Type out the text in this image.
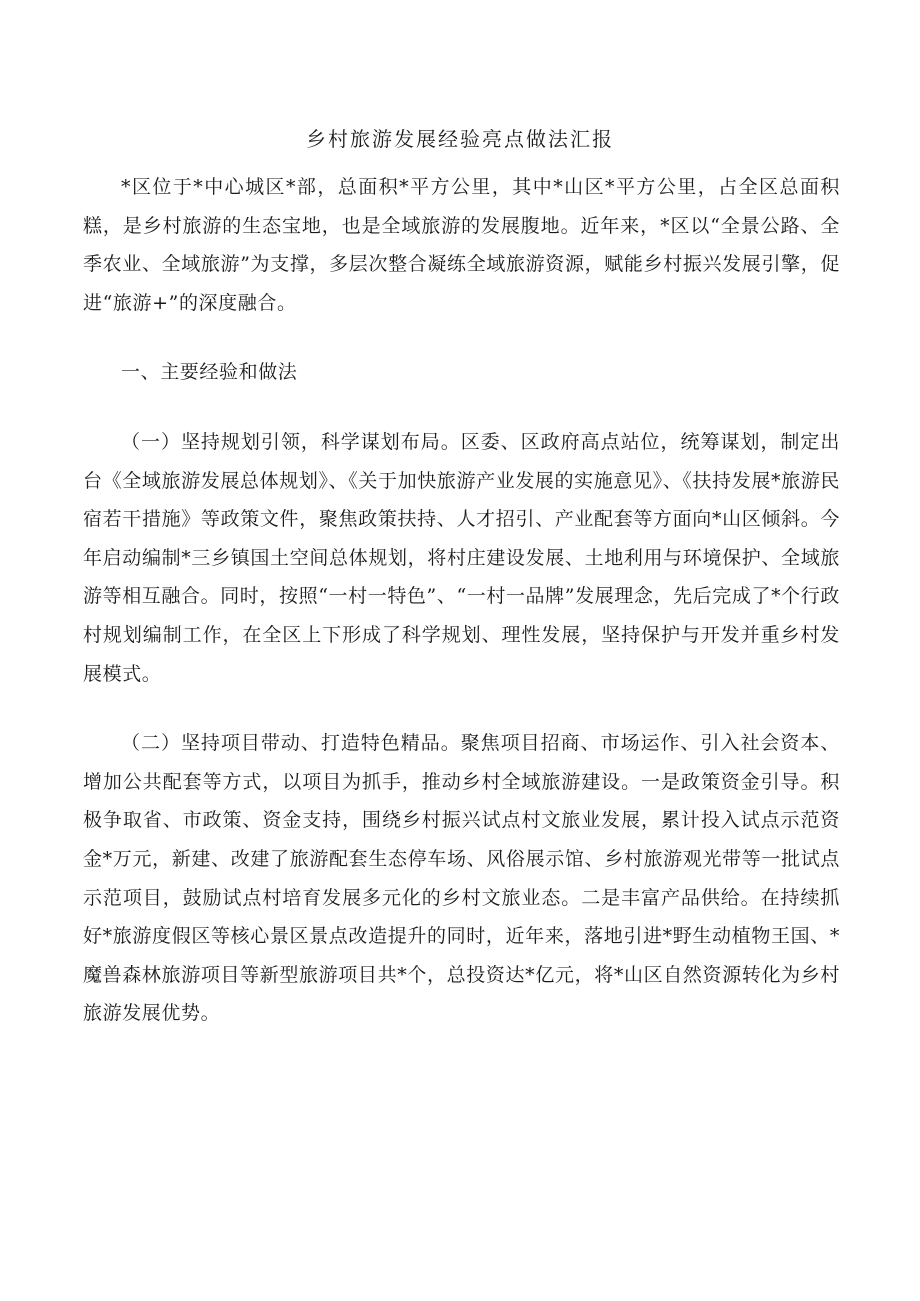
乡村旅游发展经验亮点做法汇报

*区位于*中心城区*部，总面积*平方公里，其中*山区*平方公里，占全区总面积糕，是乡村旅游的生态宝地，也是全域旅游的发展腹地。近年来，*区以“全景公路、全季农业、全域旅游”为支撑，多层次整合凝练全域旅游资源，赋能乡村振兴发展引擎，促进“旅游+”的深度融合。

一、主要经验和做法

（一）坚持规划引领，科学谋划布局。区委、区政府高点站位，统筹谋划，制定出台《全域旅游发展总体规划》、《关于加快旅游产业发展的实施意见》、《扶持发展*旅游民宿若干措施》等政策文件，聚焦政策扶持、人才招引、产业配套等方面向*山区倾斜。今年启动编制*三乡镇国土空间总体规划，将村庄建设发展、土地利用与环境保护、全域旅游等相互融合。同时，按照“一村一特色”、“一村一品牌”发展理念，先后完成了*个行政村规划编制工作，在全区上下形成了科学规划、理性发展，坚持保护与开发并重乡村发展模式。

（二）坚持项目带动、打造特色精品。聚焦项目招商、市场运作、引入社会资本、增加公共配套等方式，以项目为抓手，推动乡村全域旅游建设。一是政策资金引导。积极争取省、市政策、资金支持，围绕乡村振兴试点村文旅业发展，累计投入试点示范资金*万元，新建、改建了旅游配套生态停车场、风俗展示馆、乡村旅游观光带等一批试点示范项目，鼓励试点村培育发展多元化的乡村文旅业态。二是丰富产品供给。在持续抓好*旅游度假区等核心景区景点改造提升的同时，近年来，落地引进*野生动植物王国、*魔兽森林旅游项目等新型旅游项目共*个，总投资达*亿元，将*山区自然资源转化为乡村旅游发展优势。
